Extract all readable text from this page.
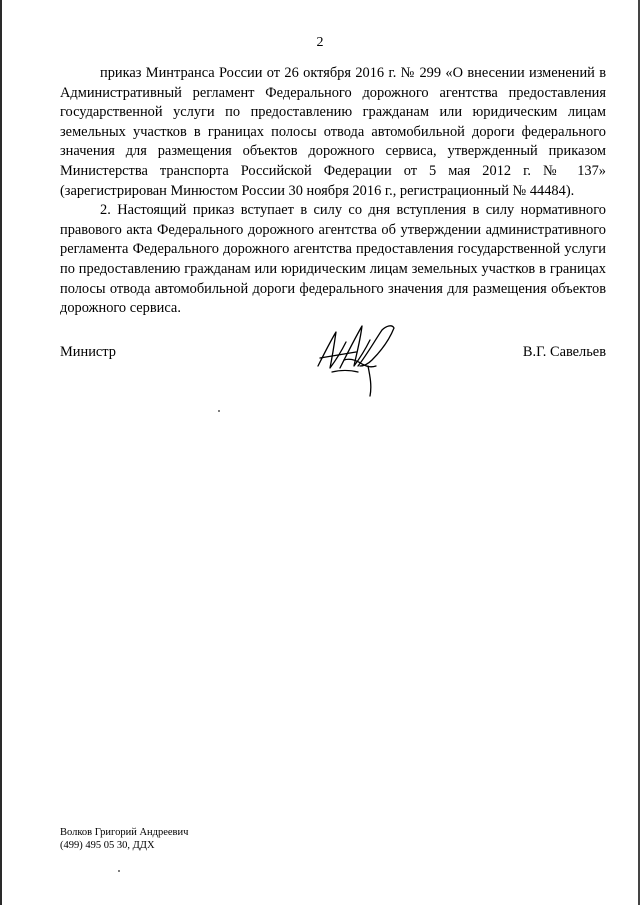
2

приказ Минтранса России от 26 октября 2016 г. № 299 «О внесении изменений в Административный регламент Федерального дорожного агентства предоставления государственной услуги по предоставлению гражданам или юридическим лицам земельных участков в границах полосы отвода автомобильной дороги федерального значения для размещения объектов дорожного сервиса, утвержденный приказом Министерства транспорта Российской Федерации от 5 мая 2012 г. № 137» (зарегистрирован Минюстом России 30 ноября 2016 г., регистрационный № 44484).

2. Настоящий приказ вступает в силу со дня вступления в силу нормативного правового акта Федерального дорожного агентства об утверждении административного регламента Федерального дорожного агентства предоставления государственной услуги по предоставлению гражданам или юридическим лицам земельных участков в границах полосы отвода автомобильной дороги федерального значения для размещения объектов дорожного сервиса.

Министр	В.Г. Савельев
Волков Григорий Андреевич
(499) 495 05 30, ДДХ
